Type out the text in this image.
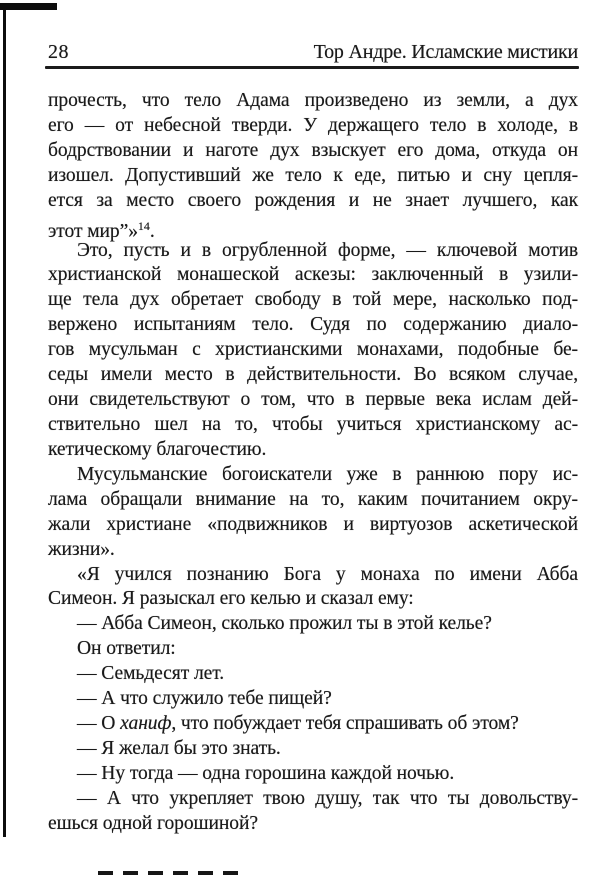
28	Тор Андре. Исламские мистики
прочесть, что тело Адама произведено из земли, а дух
его — от небесной тверди. У держащего тело в холоде, в
бодрствовании и наготе дух взыскует его дома, откуда он
изошел. Допустивший же тело к еде, питью и сну цепля-
ется за место своего рождения и не знает лучшего, как
этот мир”»$^{14}$.
Это, пусть и в огрубленной форме, — ключевой мотив
христианской монашеской аскезы: заключенный в узили-
ще тела дух обретает свободу в той мере, насколько под-
вержено испытаниям тело. Судя по содержанию диало-
гов мусульман с христианскими монахами, подобные бе-
седы имели место в действительности. Во всяком случае,
они свидетельствуют о том, что в первые века ислам дей-
ствительно шел на то, чтобы учиться христианскому ас-
кетическому благочестию.
Мусульманские богоискатели уже в раннюю пору ис-
лама обращали внимание на то, каким почитанием окру-
жали христиане «подвижников и виртуозов аскетической
жизни».
«Я учился познанию Бога у монаха по имени Абба
Симеон. Я разыскал его келью и сказал ему:
— Абба Симеон, сколько прожил ты в этой келье?
Он ответил:
— Семьдесят лет.
— А что служило тебе пищей?
— О ханиф, что побуждает тебя спрашивать об этом?
— Я желал бы это знать.
— Ну тогда — одна горошина каждой ночью.
— А что укрепляет твою душу, так что ты довольству-
ешься одной горошиной?
